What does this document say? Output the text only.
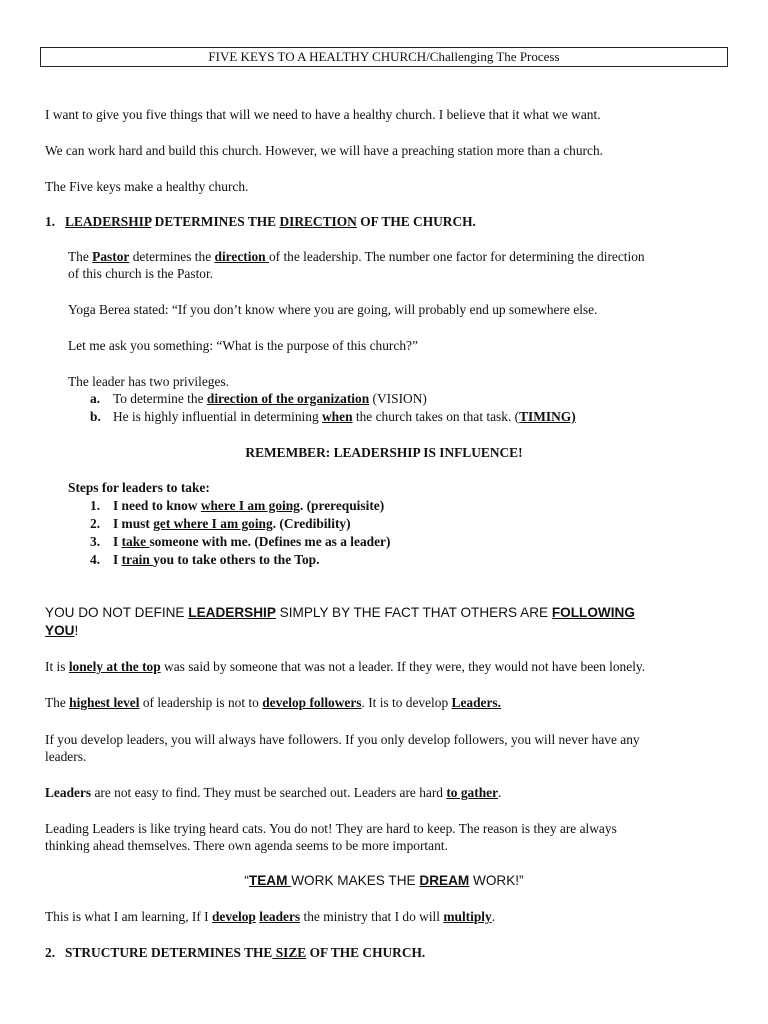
FIVE KEYS TO A HEALTHY CHURCH/Challenging The Process
I want to give you five things that will we need to have a healthy church. I believe that it what we want.
We can work hard and build this church. However, we will have a preaching station more than a church.
The Five keys make a healthy church.
1. LEADERSHIP DETERMINES THE DIRECTION OF THE CHURCH.
The Pastor determines the direction of the leadership. The number one factor for determining the direction
of this church is the Pastor.
Yoga Berea stated: “If you don’t know where you are going, will probably end up somewhere else.
Let me ask you something: “What is the purpose of this church?”
The leader has two privileges.
a. To determine the direction of the organization (VISION)
b. He is highly influential in determining when the church takes on that task. (TIMING)
REMEMBER: LEADERSHIP IS INFLUENCE!
Steps for leaders to take:
1. I need to know where I am going. (prerequisite)
2. I must get where I am going. (Credibility)
3. I take someone with me. (Defines me as a leader)
4. I train you to take others to the Top.
YOU DO NOT DEFINE LEADERSHIP SIMPLY BY THE FACT THAT OTHERS ARE FOLLOWING
YOU!
It is lonely at the top was said by someone that was not a leader. If they were, they would not have been lonely.
The highest level of leadership is not to develop followers. It is to develop Leaders.
If you develop leaders, you will always have followers. If you only develop followers, you will never have any
leaders.
Leaders are not easy to find. They must be searched out. Leaders are hard to gather.
Leading Leaders is like trying heard cats. You do not! They are hard to keep. The reason is they are always
thinking ahead themselves. There own agenda seems to be more important.
“TEAM WORK MAKES THE DREAM WORK!”
This is what I am learning, If I develop leaders the ministry that I do will multiply.
2. STRUCTURE DETERMINES THE SIZE OF THE CHURCH.
